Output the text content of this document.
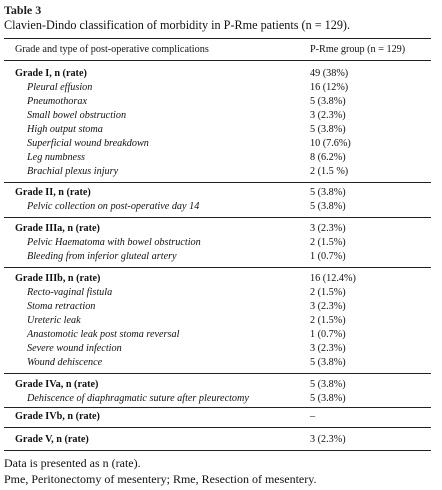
Table 3
Clavien-Dindo classification of morbidity in P-Rme patients (n = 129).
Grade and type of post-operative complications	P-Rme group (n = 129)
Grade I, n (rate)	49 (38%)
Pleural effusion	16 (12%)
Pneumothorax	5 (3.8%)
Small bowel obstruction	3 (2.3%)
High output stoma	5 (3.8%)
Superficial wound breakdown	10 (7.6%)
Leg numbness	8 (6.2%)
Brachial plexus injury	2 (1.5 %)
Grade II, n (rate)	5 (3.8%)
Pelvic collection on post-operative day 14	5 (3.8%)
Grade IIIa, n (rate)	3 (2.3%)
Pelvic Haematoma with bowel obstruction	2 (1.5%)
Bleeding from inferior gluteal artery	1 (0.7%)
Grade IIIb, n (rate)	16 (12.4%)
Recto-vaginal fistula	2 (1.5%)
Stoma retraction	3 (2.3%)
Ureteric leak	2 (1.5%)
Anastomotic leak post stoma reversal	1 (0.7%)
Severe wound infection	3 (2.3%)
Wound dehiscence	5 (3.8%)
Grade IVa, n (rate)	5 (3.8%)
Dehiscence of diaphragmatic suture after pleurectomy	5 (3.8%)
Grade IVb, n (rate)	–
Grade V, n (rate)	3 (2.3%)
Data is presented as n (rate).
Pme, Peritonectomy of mesentery; Rme, Resection of mesentery.
